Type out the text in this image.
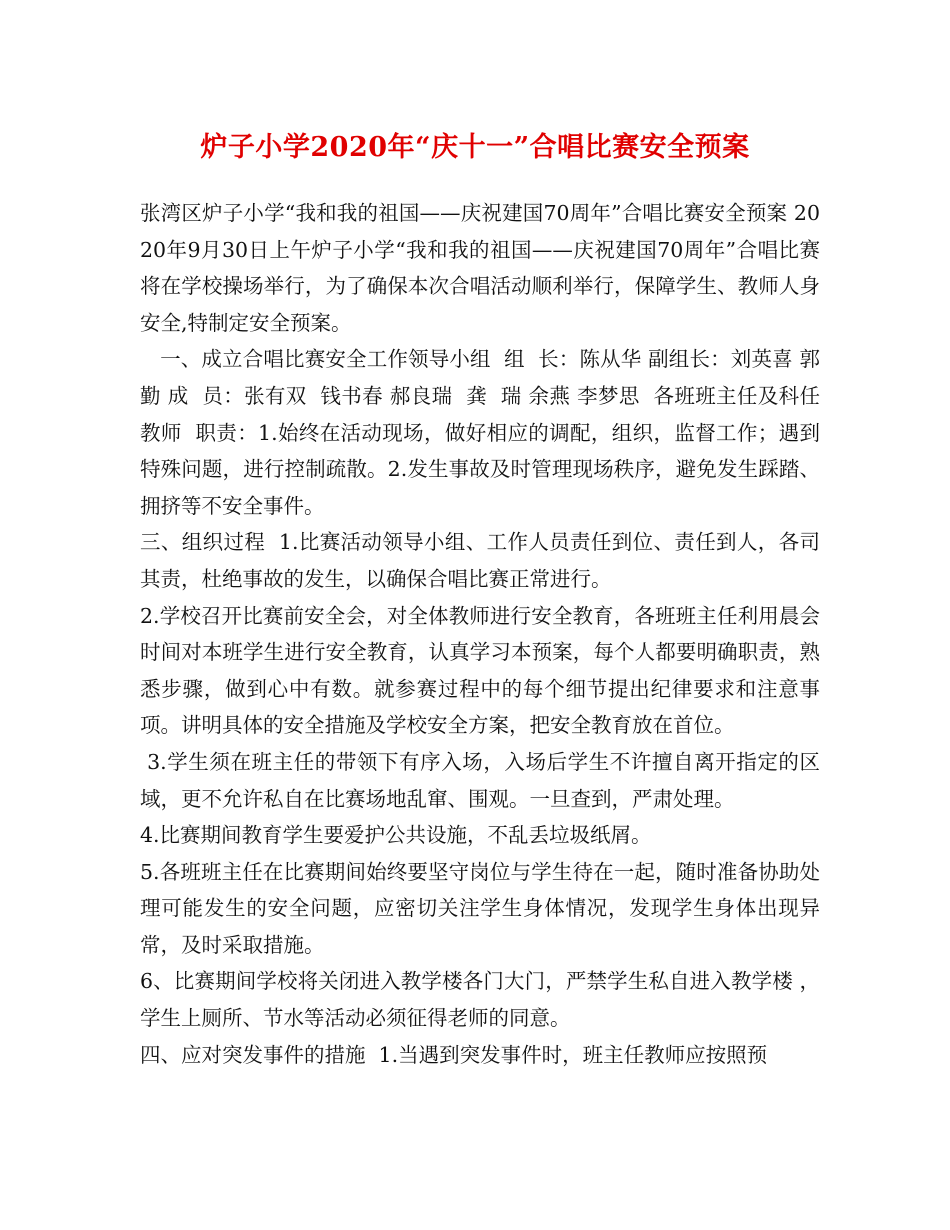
炉子小学2020年“庆十一”合唱比赛安全预案

张湾区炉子小学“我和我的祖国——庆祝建国70周年”合唱比赛安全预案 2020年9月30日上午炉子小学“我和我的祖国——庆祝建国70周年”合唱比赛将在学校操场举行，为了确保本次合唱活动顺利举行，保障学生、教师人身安全,特制定安全预案。

一、成立合唱比赛安全工作领导小组  组  长：陈从华 副组长：刘英喜 郭  勤 成  员：张有双  钱书春 郝良瑞  龚  瑞 余燕 李梦思  各班班主任及科任教师  职责：1.始终在活动现场，做好相应的调配，组织，监督工作；遇到特殊问题，进行控制疏散。2.发生事故及时管理现场秩序，避免发生踩踏、拥挤等不安全事件。

三、组织过程  1.比赛活动领导小组、工作人员责任到位、责任到人，各司其责，杜绝事故的发生，以确保合唱比赛正常进行。

2.学校召开比赛前安全会，对全体教师进行安全教育，各班班主任利用晨会时间对本班学生进行安全教育，认真学习本预案，每个人都要明确职责，熟悉步骤，做到心中有数。就参赛过程中的每个细节提出纪律要求和注意事项。讲明具体的安全措施及学校安全方案，把安全教育放在首位。

3.学生须在班主任的带领下有序入场，入场后学生不许擅自离开指定的区域，更不允许私自在比赛场地乱窜、围观。一旦查到，严肃处理。

4.比赛期间教育学生要爱护公共设施，不乱丢垃圾纸屑。

5.各班班主任在比赛期间始终要坚守岗位与学生待在一起，随时准备协助处理可能发生的安全问题，应密切关注学生身体情况，发现学生身体出现异常，及时采取措施。

6、比赛期间学校将关闭进入教学楼各门大门，严禁学生私自进入教学楼 ，学生上厕所、节水等活动必须征得老师的同意。

四、应对突发事件的措施  1.当遇到突发事件时，班主任教师应按照预
